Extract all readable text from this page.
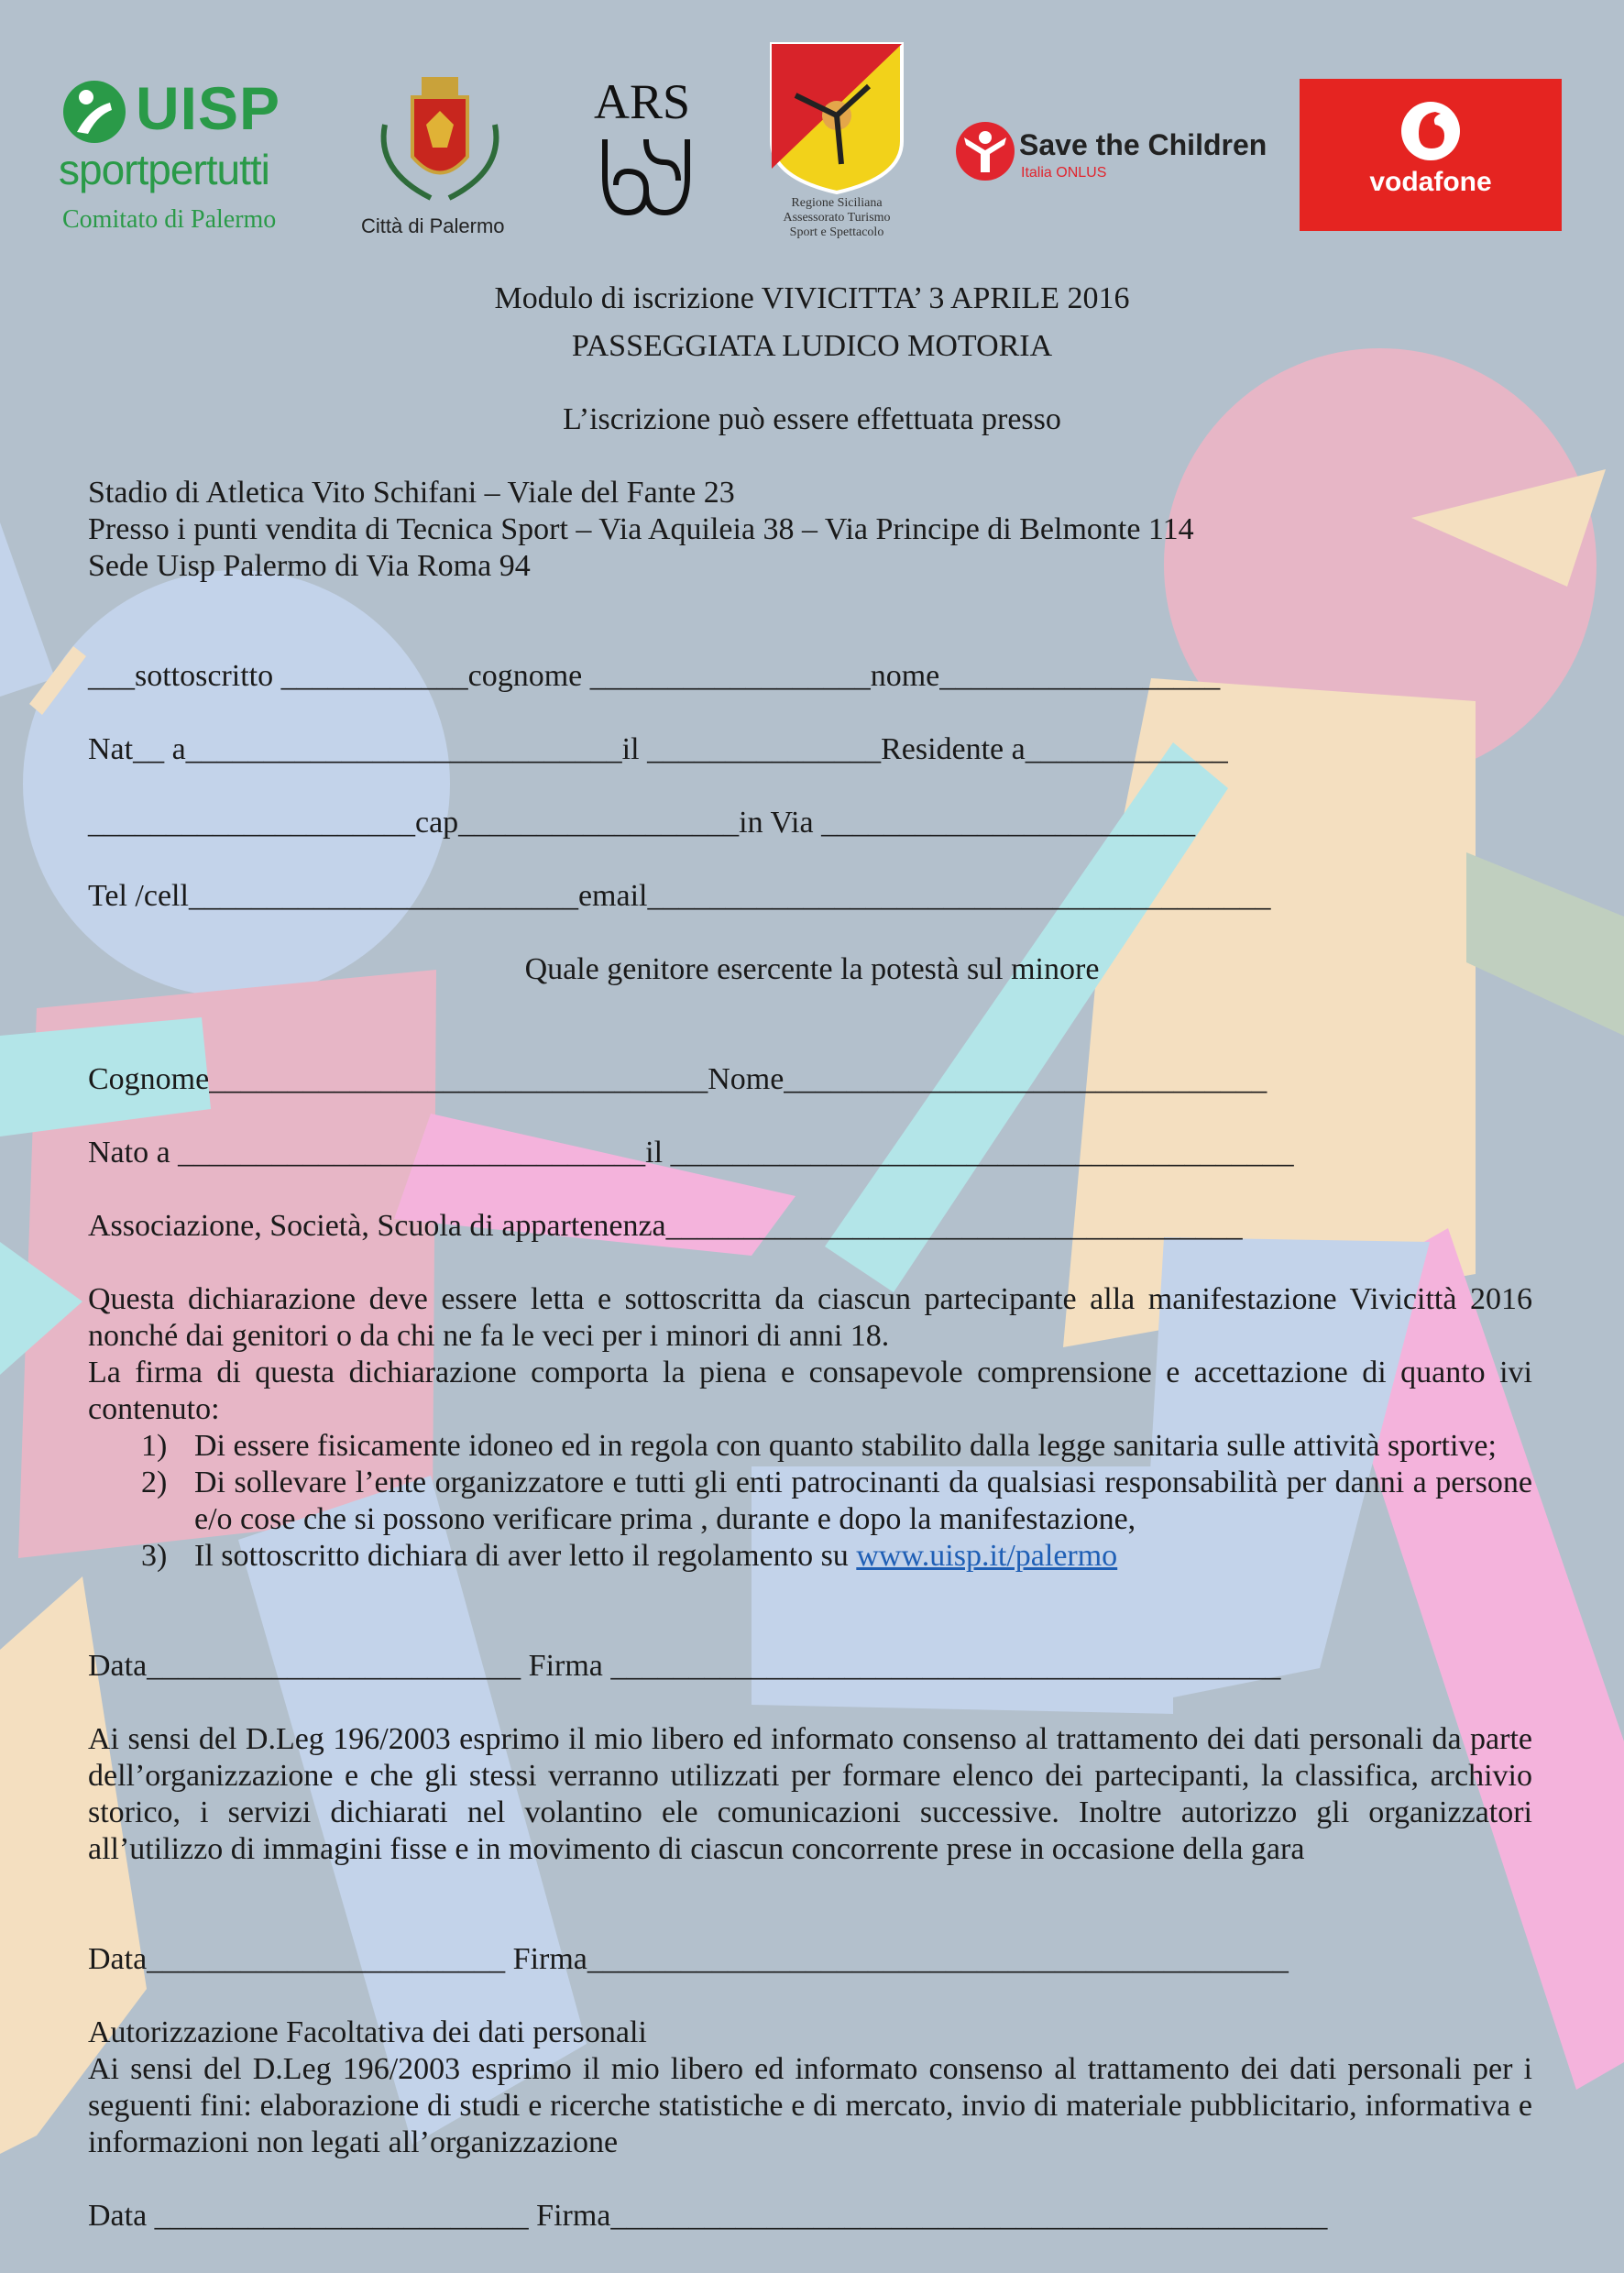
UISP
sportpertutti
Comitato di Palermo	Città di Palermo
ARS
Regione Siciliana
Assessorato Turismo
Sport e Spettacolo
Save the Children
Italia ONLUS	vodafone
Modulo di iscrizione VIVICITTA’ 3 APRILE 2016
PASSEGGIATA LUDICO MOTORIA
L’iscrizione può essere effettuata presso
Stadio di Atletica Vito Schifani – Viale del Fante 23
Presso i punti vendita di Tecnica Sport – Via Aquileia 38 – Via Principe di Belmonte 114
Sede Uisp Palermo di Via Roma 94
___sottoscritto ____________cognome __________________nome__________________
Nat__ a____________________________il _______________Residente a_____________
_____________________cap__________________in Via ________________________
Tel /cell_________________________email________________________________________
Quale genitore esercente la potestà sul minore
Cognome________________________________Nome_______________________________
Nato a ______________________________il ________________________________________
Associazione, Società, Scuola di appartenenza_____________________________________
Questa dichiarazione deve essere letta e sottoscritta da ciascun partecipante alla manifestazione Vivicittà 2016 nonché dai genitori o da chi ne fa le veci per i minori di anni 18.
La firma di questa dichiarazione comporta la piena e consapevole comprensione e accettazione di quanto ivi contenuto:
1) Di essere fisicamente idoneo ed in regola con quanto stabilito dalla legge sanitaria sulle attività sportive;
2) Di sollevare l’ente organizzatore e tutti gli enti patrocinanti da qualsiasi responsabilità per danni a persone e/o cose che si possono verificare prima , durante e dopo la manifestazione,
3) Il sottoscritto dichiara di aver letto il regolamento su www.uisp.it/palermo
Data________________________ Firma ___________________________________________
Ai sensi del D.Leg 196/2003 esprimo il mio libero ed informato consenso al trattamento dei dati personali da parte dell’organizzazione e che gli stessi verranno utilizzati per formare elenco dei partecipanti, la classifica, archivio storico, i servizi dichiarati nel volantino ele comunicazioni successive. Inoltre autorizzo gli organizzatori all’utilizzo di immagini fisse e in movimento di ciascun concorrente prese in occasione della gara
Data_______________________ Firma_____________________________________________
Autorizzazione Facoltativa dei dati personali
Ai sensi del D.Leg 196/2003 esprimo il mio libero ed informato consenso al trattamento dei dati personali per i seguenti fini: elaborazione di studi e ricerche statistiche e di mercato, invio di materiale pubblicitario, informativa e informazioni non legati all’organizzazione
Data ________________________ Firma______________________________________________
